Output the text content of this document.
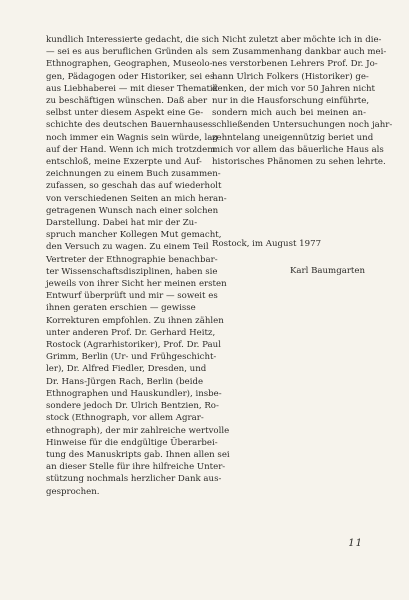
kundlich Interessierte gedacht, die sich
— sei es aus beruflichen Gründen als
Ethnographen, Geographen, Museolo-
gen, Pädagogen oder Historiker, sei es
aus Liebhaberei — mit dieser Thematik
zu beschäftigen wünschen. Daß aber
selbst unter diesem Aspekt eine Ge-
schichte des deutschen Bauernhauses
noch immer ein Wagnis sein würde, lag
auf der Hand. Wenn ich mich trotzdem
entschloß, meine Exzerpte und Auf-
zeichnungen zu einem Buch zusammen-
zufassen, so geschah das auf wiederholt
von verschiedenen Seiten an mich heran-
getragenen Wunsch nach einer solchen
Darstellung. Dabei hat mir der Zu-
spruch mancher Kollegen Mut gemacht,
den Versuch zu wagen. Zu einem Teil
Vertreter der Ethnographie benachbar-
ter Wissenschaftsdisziplinen, haben sie
jeweils von ihrer Sicht her meinen ersten
Entwurf überprüft und mir — soweit es
ihnen geraten erschien — gewisse
Korrekturen empfohlen. Zu ihnen zählen
unter anderen Prof. Dr. Gerhard Heitz,
Rostock (Agrarhistoriker), Prof. Dr. Paul
Grimm, Berlin (Ur- und Frühgeschicht-
ler), Dr. Alfred Fiedler, Dresden, und
Dr. Hans-Jürgen Rach, Berlin (beide
Ethnographen und Hauskundler), insbe-
sondere jedoch Dr. Ulrich Bentzien, Ro-
stock (Ethnograph, vor allem Agrar-
ethnograph), der mir zahlreiche wertvolle
Hinweise für die endgültige Überarbei-
tung des Manuskripts gab. Ihnen allen sei
an dieser Stelle für ihre hilfreiche Unter-
stützung nochmals herzlicher Dank aus-
gesprochen.

Nicht zuletzt aber möchte ich in die-
sem Zusammenhang dankbar auch mei-
nes verstorbenen Lehrers Prof. Dr. Jo-
hann Ulrich Folkers (Historiker) ge-
denken, der mich vor 50 Jahren nicht
nur in die Hausforschung einführte,
sondern mich auch bei meinen an-
schließenden Untersuchungen noch jahr-
zehntelang uneigennützig beriet und
mich vor allem das bäuerliche Haus als
historisches Phänomen zu sehen lehrte.

Rostock, im August 1977
Karl Baumgarten
11
